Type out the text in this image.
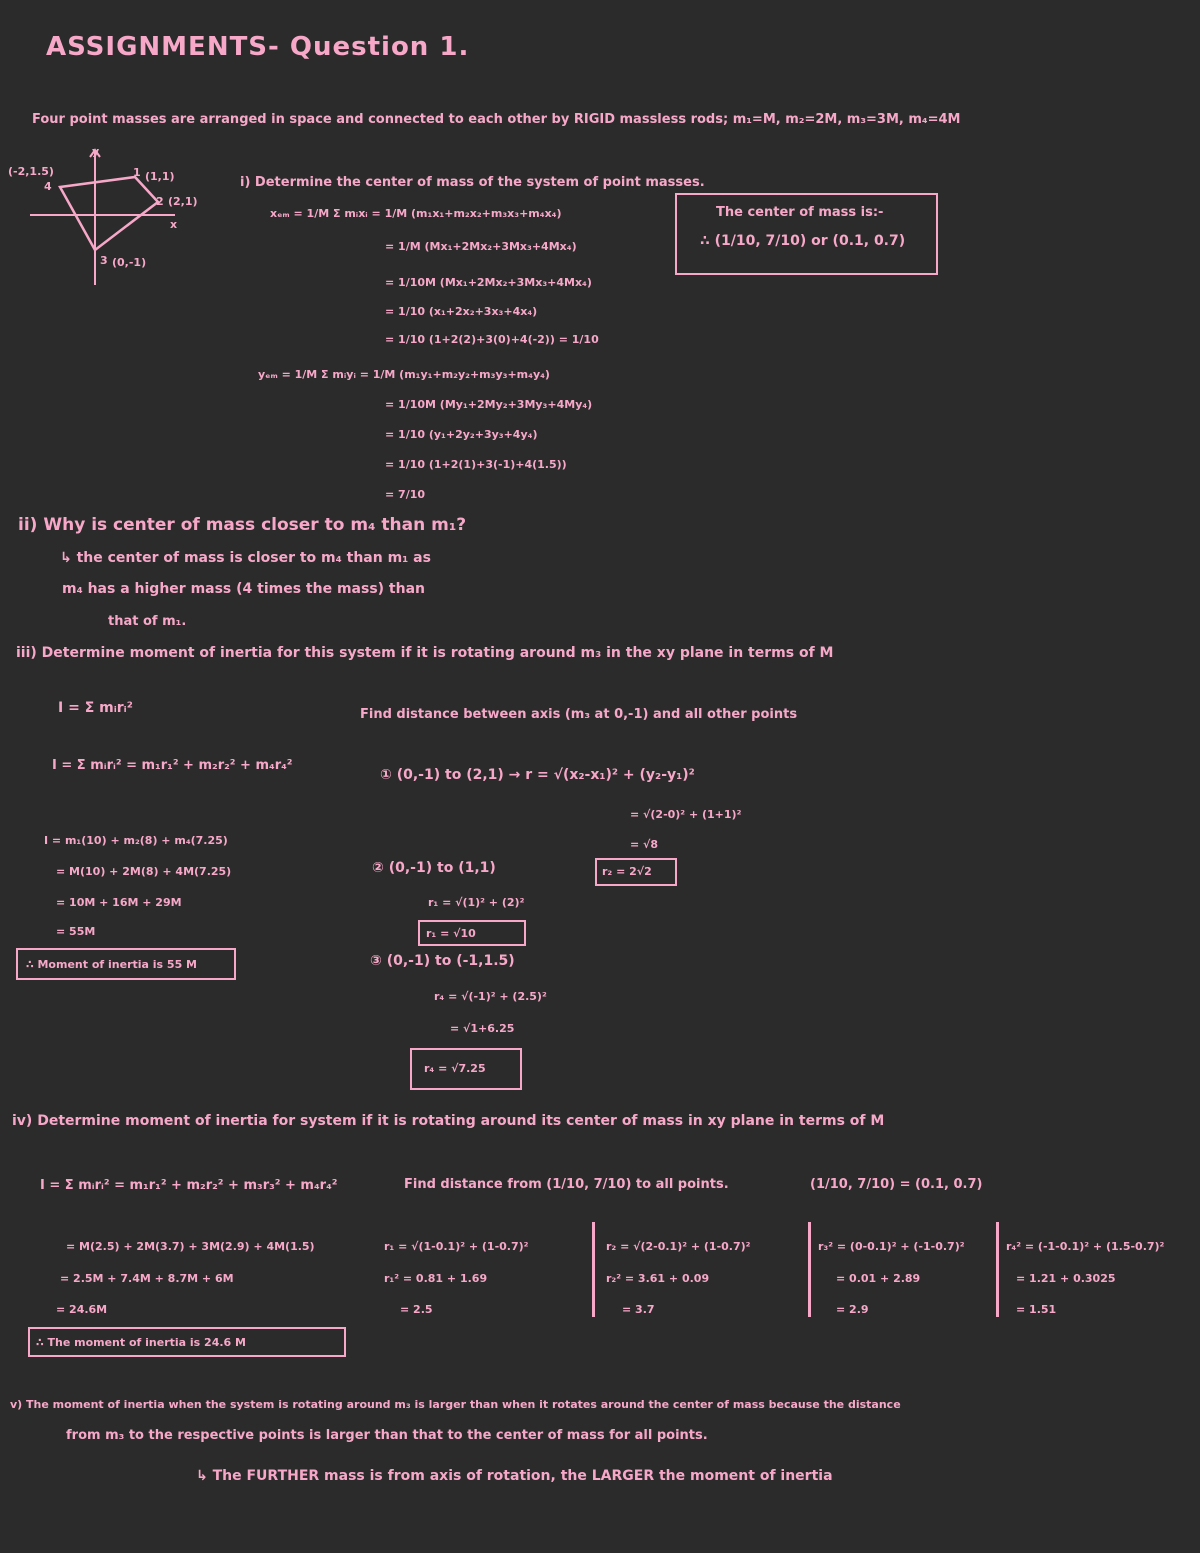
ASSIGNMENTS- Question 1.
Four point masses are arranged in space and connected to each other by RIGID massless rods; m₁=M, m₂=2M, m₃=3M, m₄=4M
y
x
(-2,1.5)
4
(1,1)
1
(2,1)
2
(0,-1)
3
i) Determine the center of mass of the system of point masses.
xₑₘ = 1/M Σ mᵢxᵢ = 1/M (m₁x₁+m₂x₂+m₃x₃+m₄x₄)
= 1/M (Mx₁+2Mx₂+3Mx₃+4Mx₄)
= 1/10M (Mx₁+2Mx₂+3Mx₃+4Mx₄)
= 1/10 (x₁+2x₂+3x₃+4x₄)
= 1/10 (1+2(2)+3(0)+4(-2)) = 1/10
yₑₘ = 1/M Σ mᵢyᵢ = 1/M (m₁y₁+m₂y₂+m₃y₃+m₄y₄)
= 1/10M (My₁+2My₂+3My₃+4My₄)
= 1/10 (y₁+2y₂+3y₃+4y₄)
= 1/10 (1+2(1)+3(-1)+4(1.5))
= 7/10
The center of mass is:-
∴ (1/10, 7/10) or (0.1, 0.7)
ii) Why is center of mass closer to m₄ than m₁?
↳ the center of mass is closer to m₄ than m₁ as
m₄ has a higher mass (4 times the mass) than
that of m₁.
iii) Determine moment of inertia for this system if it is rotating around m₃ in the xy plane in terms of M
I = Σ mᵢrᵢ²
I = Σ mᵢrᵢ² = m₁r₁² + m₂r₂² + m₄r₄²
I = m₁(10) + m₂(8) + m₄(7.25)
= M(10) + 2M(8) + 4M(7.25)
= 10M + 16M + 29M
= 55M
∴ Moment of inertia is 55 M
Find distance between axis (m₃ at 0,-1) and all other points
① (0,-1) to (2,1) → r = √(x₂-x₁)² + (y₂-y₁)²
= √(2-0)² + (1+1)²
= √8
r₂ = 2√2
② (0,-1) to (1,1)
r₁ = √(1)² + (2)²
r₁ = √10
③ (0,-1) to (-1,1.5)
r₄ = √(-1)² + (2.5)²
= √1+6.25
r₄ = √7.25
iv) Determine moment of inertia for system if it is rotating around its center of mass in xy plane in terms of M
I = Σ mᵢrᵢ² = m₁r₁² + m₂r₂² + m₃r₃² + m₄r₄²
= M(2.5) + 2M(3.7) + 3M(2.9) + 4M(1.5)
= 2.5M + 7.4M + 8.7M + 6M
= 24.6M
∴ The moment of inertia is 24.6 M
Find distance from (1/10, 7/10) to all points.	(1/10, 7/10) = (0.1, 0.7)
r₁ = √(1-0.1)² + (1-0.7)²
r₁² = 0.81 + 1.69
= 2.5
r₂ = √(2-0.1)² + (1-0.7)²
r₂² = 3.61 + 0.09
= 3.7
r₃² = (0-0.1)² + (-1-0.7)²
= 0.01 + 2.89
= 2.9
r₄² = (-1-0.1)² + (1.5-0.7)²
= 1.21 + 0.3025
= 1.51
v) The moment of inertia when the system is rotating around m₃ is larger than when it rotates around the center of mass because the distance
from m₃ to the respective points is larger than that to the center of mass for all points.
↳ The FURTHER mass is from axis of rotation, the LARGER the moment of inertia
